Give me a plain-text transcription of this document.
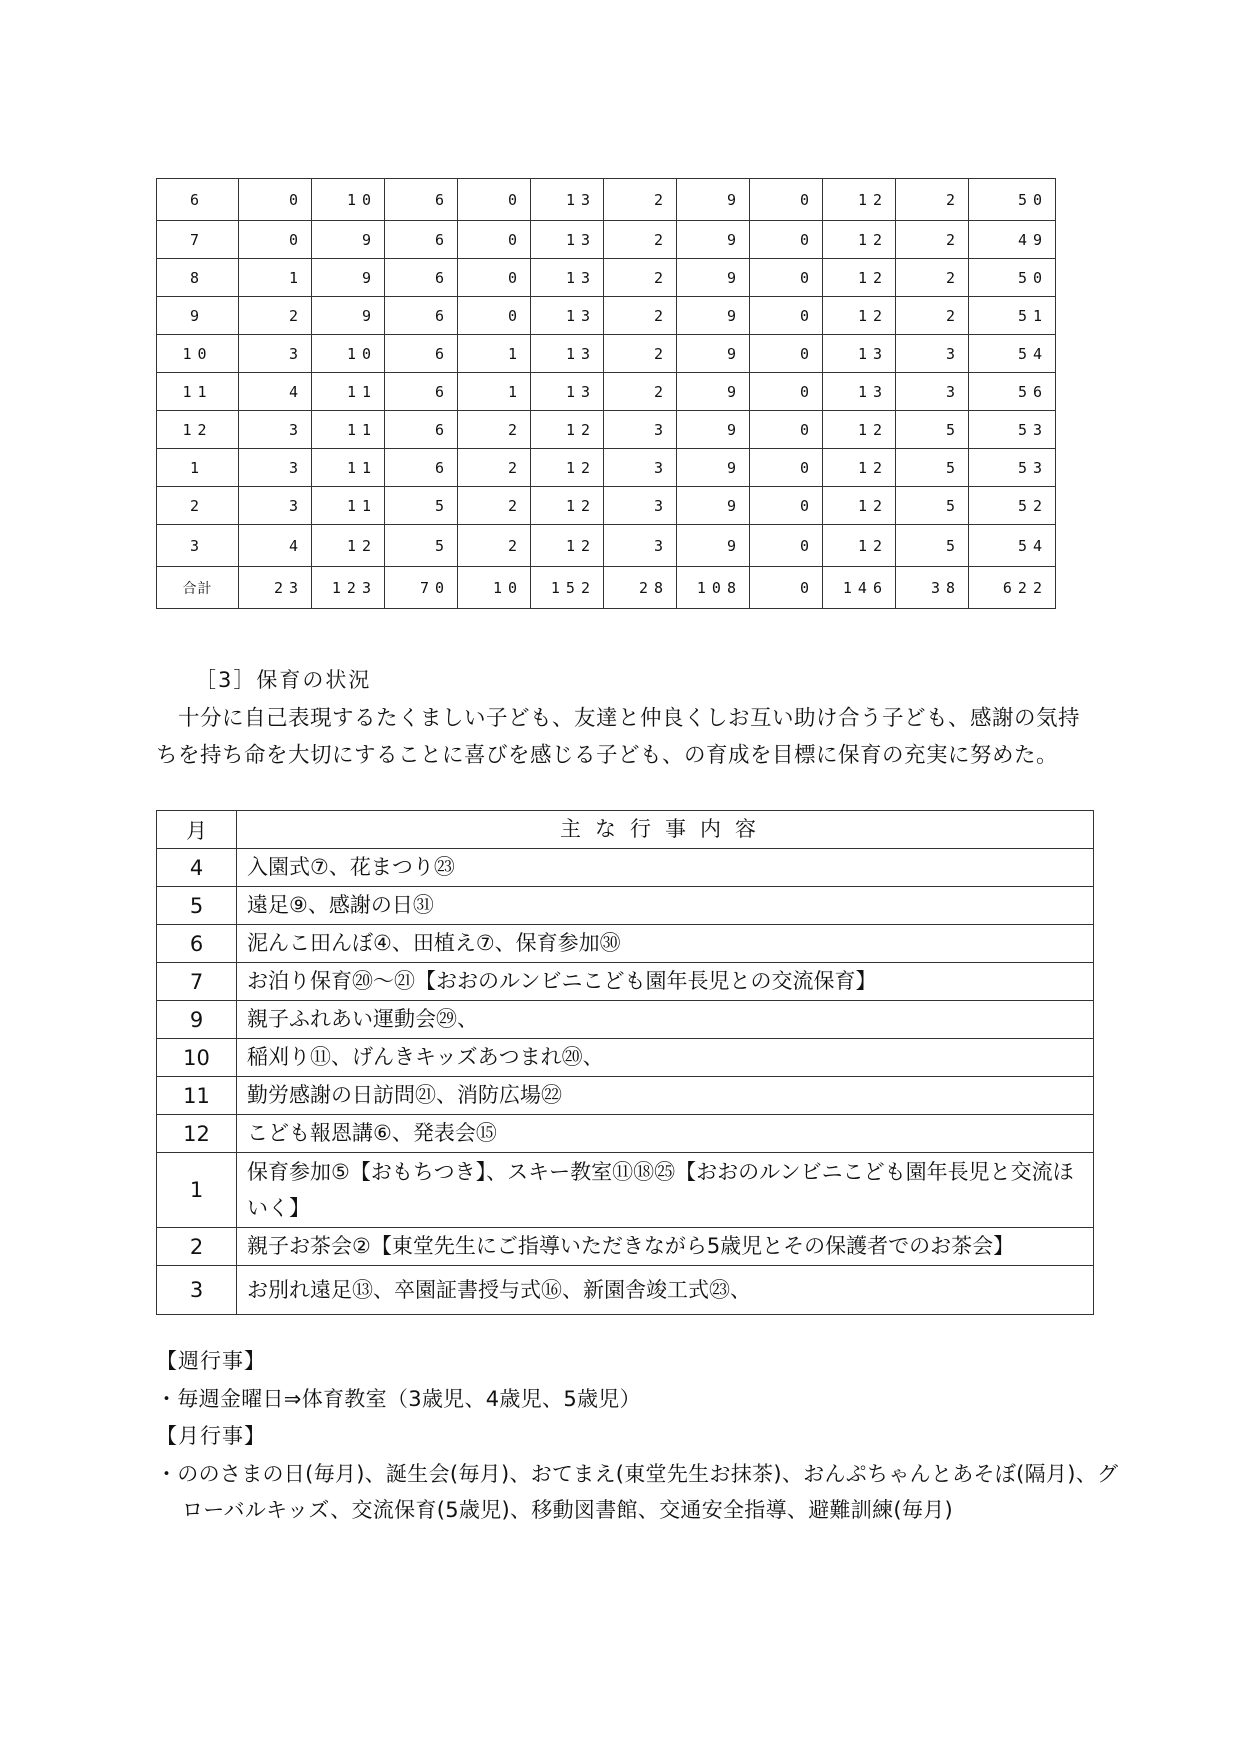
6	0	10	6	0	13	2	9	0	12	2	50
7	0	9	6	0	13	2	9	0	12	2	49
8	1	9	6	0	13	2	9	0	12	2	50
9	2	9	6	0	13	2	9	0	12	2	51
10	3	10	6	1	13	2	9	0	13	3	54
11	4	11	6	1	13	2	9	0	13	3	56
12	3	11	6	2	12	3	9	0	12	5	53
1	3	11	6	2	12	3	9	0	12	5	53
2	3	11	5	2	12	3	9	0	12	5	52
3	4	12	5	2	12	3	9	0	12	5	54
合計	23	123	70	10	152	28	108	0	146	38	622
［3］保育の状況

　十分に自己表現するたくましい子ども、友達と仲良くしお互い助け合う子ども、感謝の気持ちを持ち命を大切にすることに喜びを感じる子ども、の育成を目標に保育の充実に努めた。

月	主な行事内容
4	入園式⑦、花まつり㉓
5	遠足⑨、感謝の日㉛
6	泥んこ田んぼ④、田植え⑦、保育参加㉚
7	お泊り保育⑳～㉑【おおのルンビニこども園年長児との交流保育】
9	親子ふれあい運動会㉙、
10	稲刈り⑪、げんきキッズあつまれ⑳、
11	勤労感謝の日訪問㉑、消防広場㉒
12	こども報恩講⑥、発表会⑮
1	保育参加⑤【おもちつき】、スキー教室⑪⑱㉕【おおのルンビニこども園年長児と交流ほいく】
2	親子お茶会②【東堂先生にご指導いただきながら5歳児とその保護者でのお茶会】
3	お別れ遠足⑬、卒園証書授与式⑯、新園舎竣工式㉓、
【週行事】

・毎週金曜日⇒体育教室（3歳児、4歳児、5歳児）

【月行事】

・ののさまの日(毎月)、誕生会(毎月)、おてまえ(東堂先生お抹茶)、おんぷちゃんとあそぼ(隔月)、グローバルキッズ、交流保育(5歳児)、移動図書館、交通安全指導、避難訓練(毎月)
